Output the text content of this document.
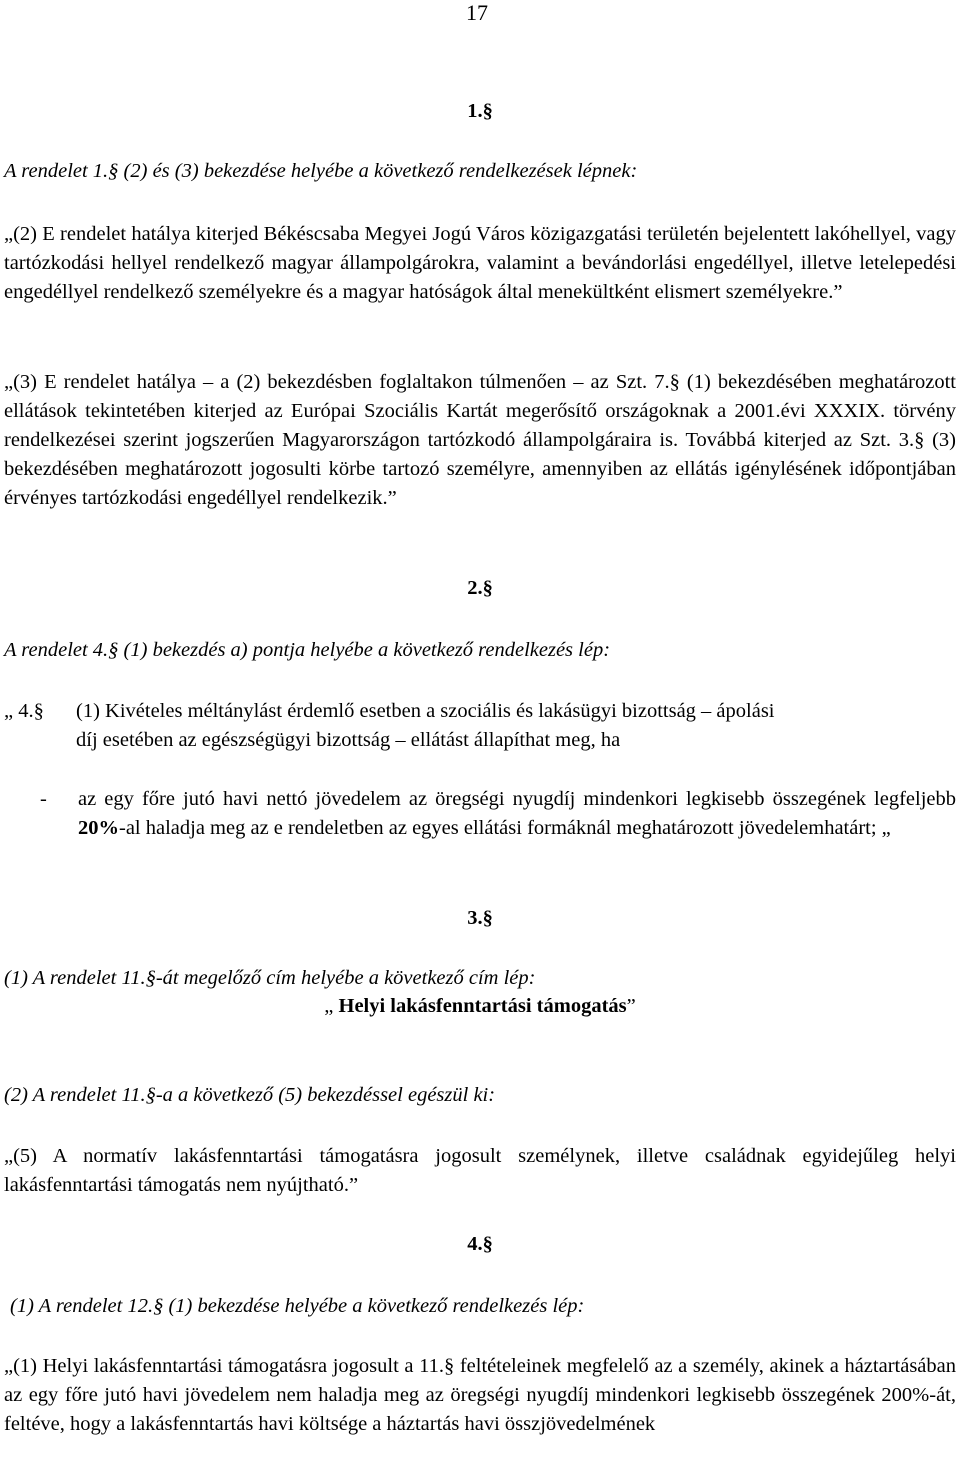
17
1.§
A rendelet 1.§ (2) és (3) bekezdése helyébe a következő rendelkezések lépnek:
„(2) E rendelet hatálya kiterjed Békéscsaba Megyei Jogú Város közigazgatási területén bejelentett lakóhellyel, vagy tartózkodási hellyel rendelkező magyar állampolgárokra, valamint a bevándorlási engedéllyel, illetve letelepedési engedéllyel rendelkező személyekre és a magyar hatóságok által menekültként elismert személyekre.”
„(3) E rendelet hatálya – a (2) bekezdésben foglaltakon túlmenően – az Szt. 7.§ (1) bekezdésében meghatározott ellátások tekintetében kiterjed az Európai Szociális Kartát megerősítő országoknak a 2001.évi XXXIX. törvény rendelkezései szerint jogszerűen Magyarországon tartózkodó állampolgáraira is. Továbbá kiterjed az Szt. 3.§ (3) bekezdésében meghatározott jogosulti körbe tartozó személyre, amennyiben az ellátás igénylésének időpontjában érvényes tartózkodási engedéllyel rendelkezik.”
2.§
A rendelet 4.§ (1) bekezdés a) pontja helyébe a következő rendelkezés lép:
„ 4.§	(1) Kivételes méltánylást érdemlő esetben a szociális és lakásügyi bizottság – ápolási
díj esetében az egészségügyi bizottság – ellátást állapíthat meg, ha
-	az egy főre jutó havi nettó jövedelem az öregségi nyugdíj mindenkori legkisebb összegének legfeljebb 20%-al haladja meg az e rendeletben az egyes ellátási formáknál meghatározott jövedelemhatárt; „
3.§
(1) A rendelet 11.§-át megelőző cím helyébe a következő cím lép:
„ Helyi lakásfenntartási támogatás”
(2) A rendelet 11.§-a a következő (5) bekezdéssel egészül ki:
„(5) A normatív lakásfenntartási támogatásra jogosult személynek, illetve családnak egyidejűleg helyi lakásfenntartási támogatás nem nyújtható.”
4.§
(1) A rendelet 12.§ (1) bekezdése helyébe a következő rendelkezés lép:
„(1) Helyi lakásfenntartási támogatásra jogosult a 11.§ feltételeinek megfelelő az a személy, akinek a háztartásában az egy főre jutó havi jövedelem nem haladja meg az öregségi nyugdíj mindenkori legkisebb összegének 200%-át, feltéve, hogy a lakásfenntartás havi költsége a háztartás havi összjövedelmének
